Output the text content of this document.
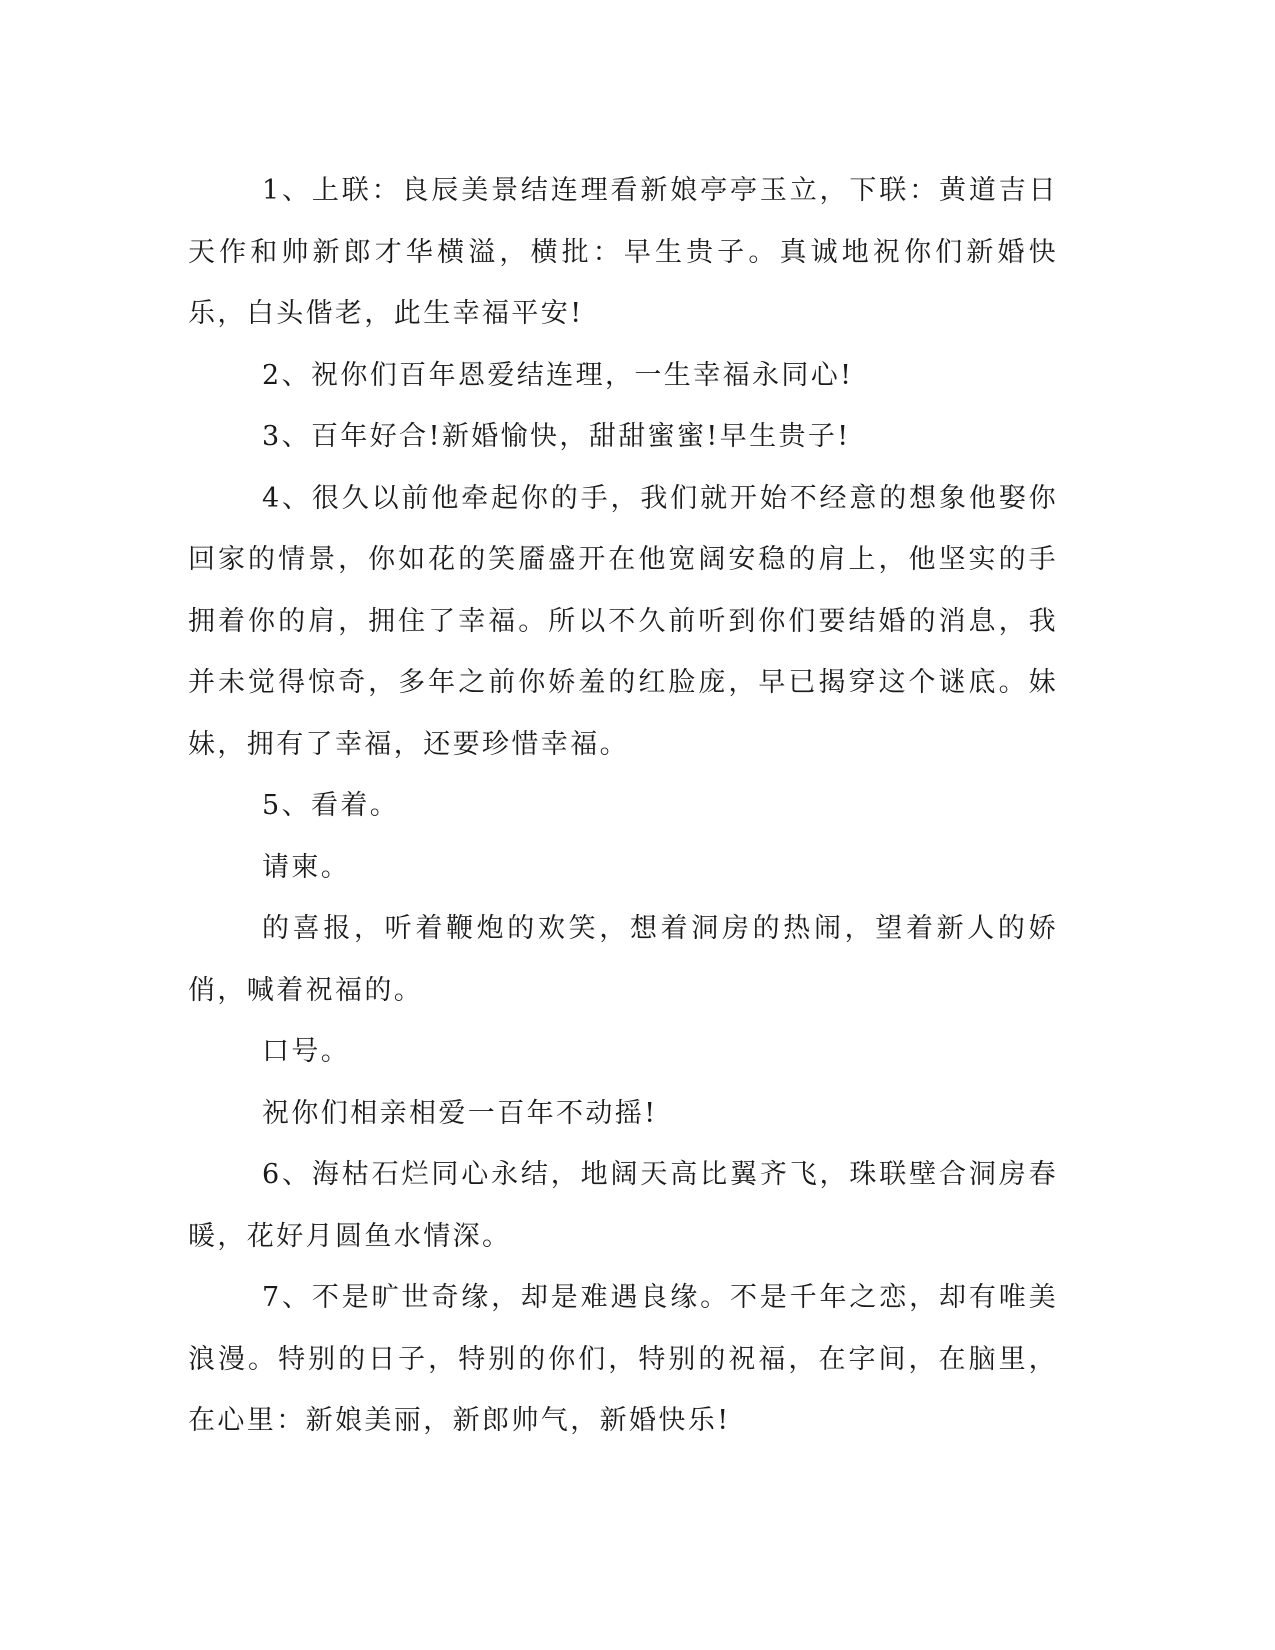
1、上联：良辰美景结连理看新娘亭亭玉立，下联：黄道吉日天作和帅新郎才华横溢，横批：早生贵子。真诚地祝你们新婚快乐，白头偕老，此生幸福平安!

2、祝你们百年恩爱结连理，一生幸福永同心!

3、百年好合!新婚愉快，甜甜蜜蜜!早生贵子!

4、很久以前他牵起你的手，我们就开始不经意的想象他娶你回家的情景，你如花的笑靥盛开在他宽阔安稳的肩上，他坚实的手拥着你的肩，拥住了幸福。所以不久前听到你们要结婚的消息，我并未觉得惊奇，多年之前你娇羞的红脸庞，早已揭穿这个谜底。妹妹，拥有了幸福，还要珍惜幸福。

5、看着。

请柬。

的喜报，听着鞭炮的欢笑，想着洞房的热闹，望着新人的娇俏，喊着祝福的。

口号。

祝你们相亲相爱一百年不动摇!

6、海枯石烂同心永结，地阔天高比翼齐飞，珠联壁合洞房春暖，花好月圆鱼水情深。

7、不是旷世奇缘，却是难遇良缘。不是千年之恋，却有唯美浪漫。特别的日子，特别的你们，特别的祝福，在字间，在脑里，在心里：新娘美丽，新郎帅气，新婚快乐!
